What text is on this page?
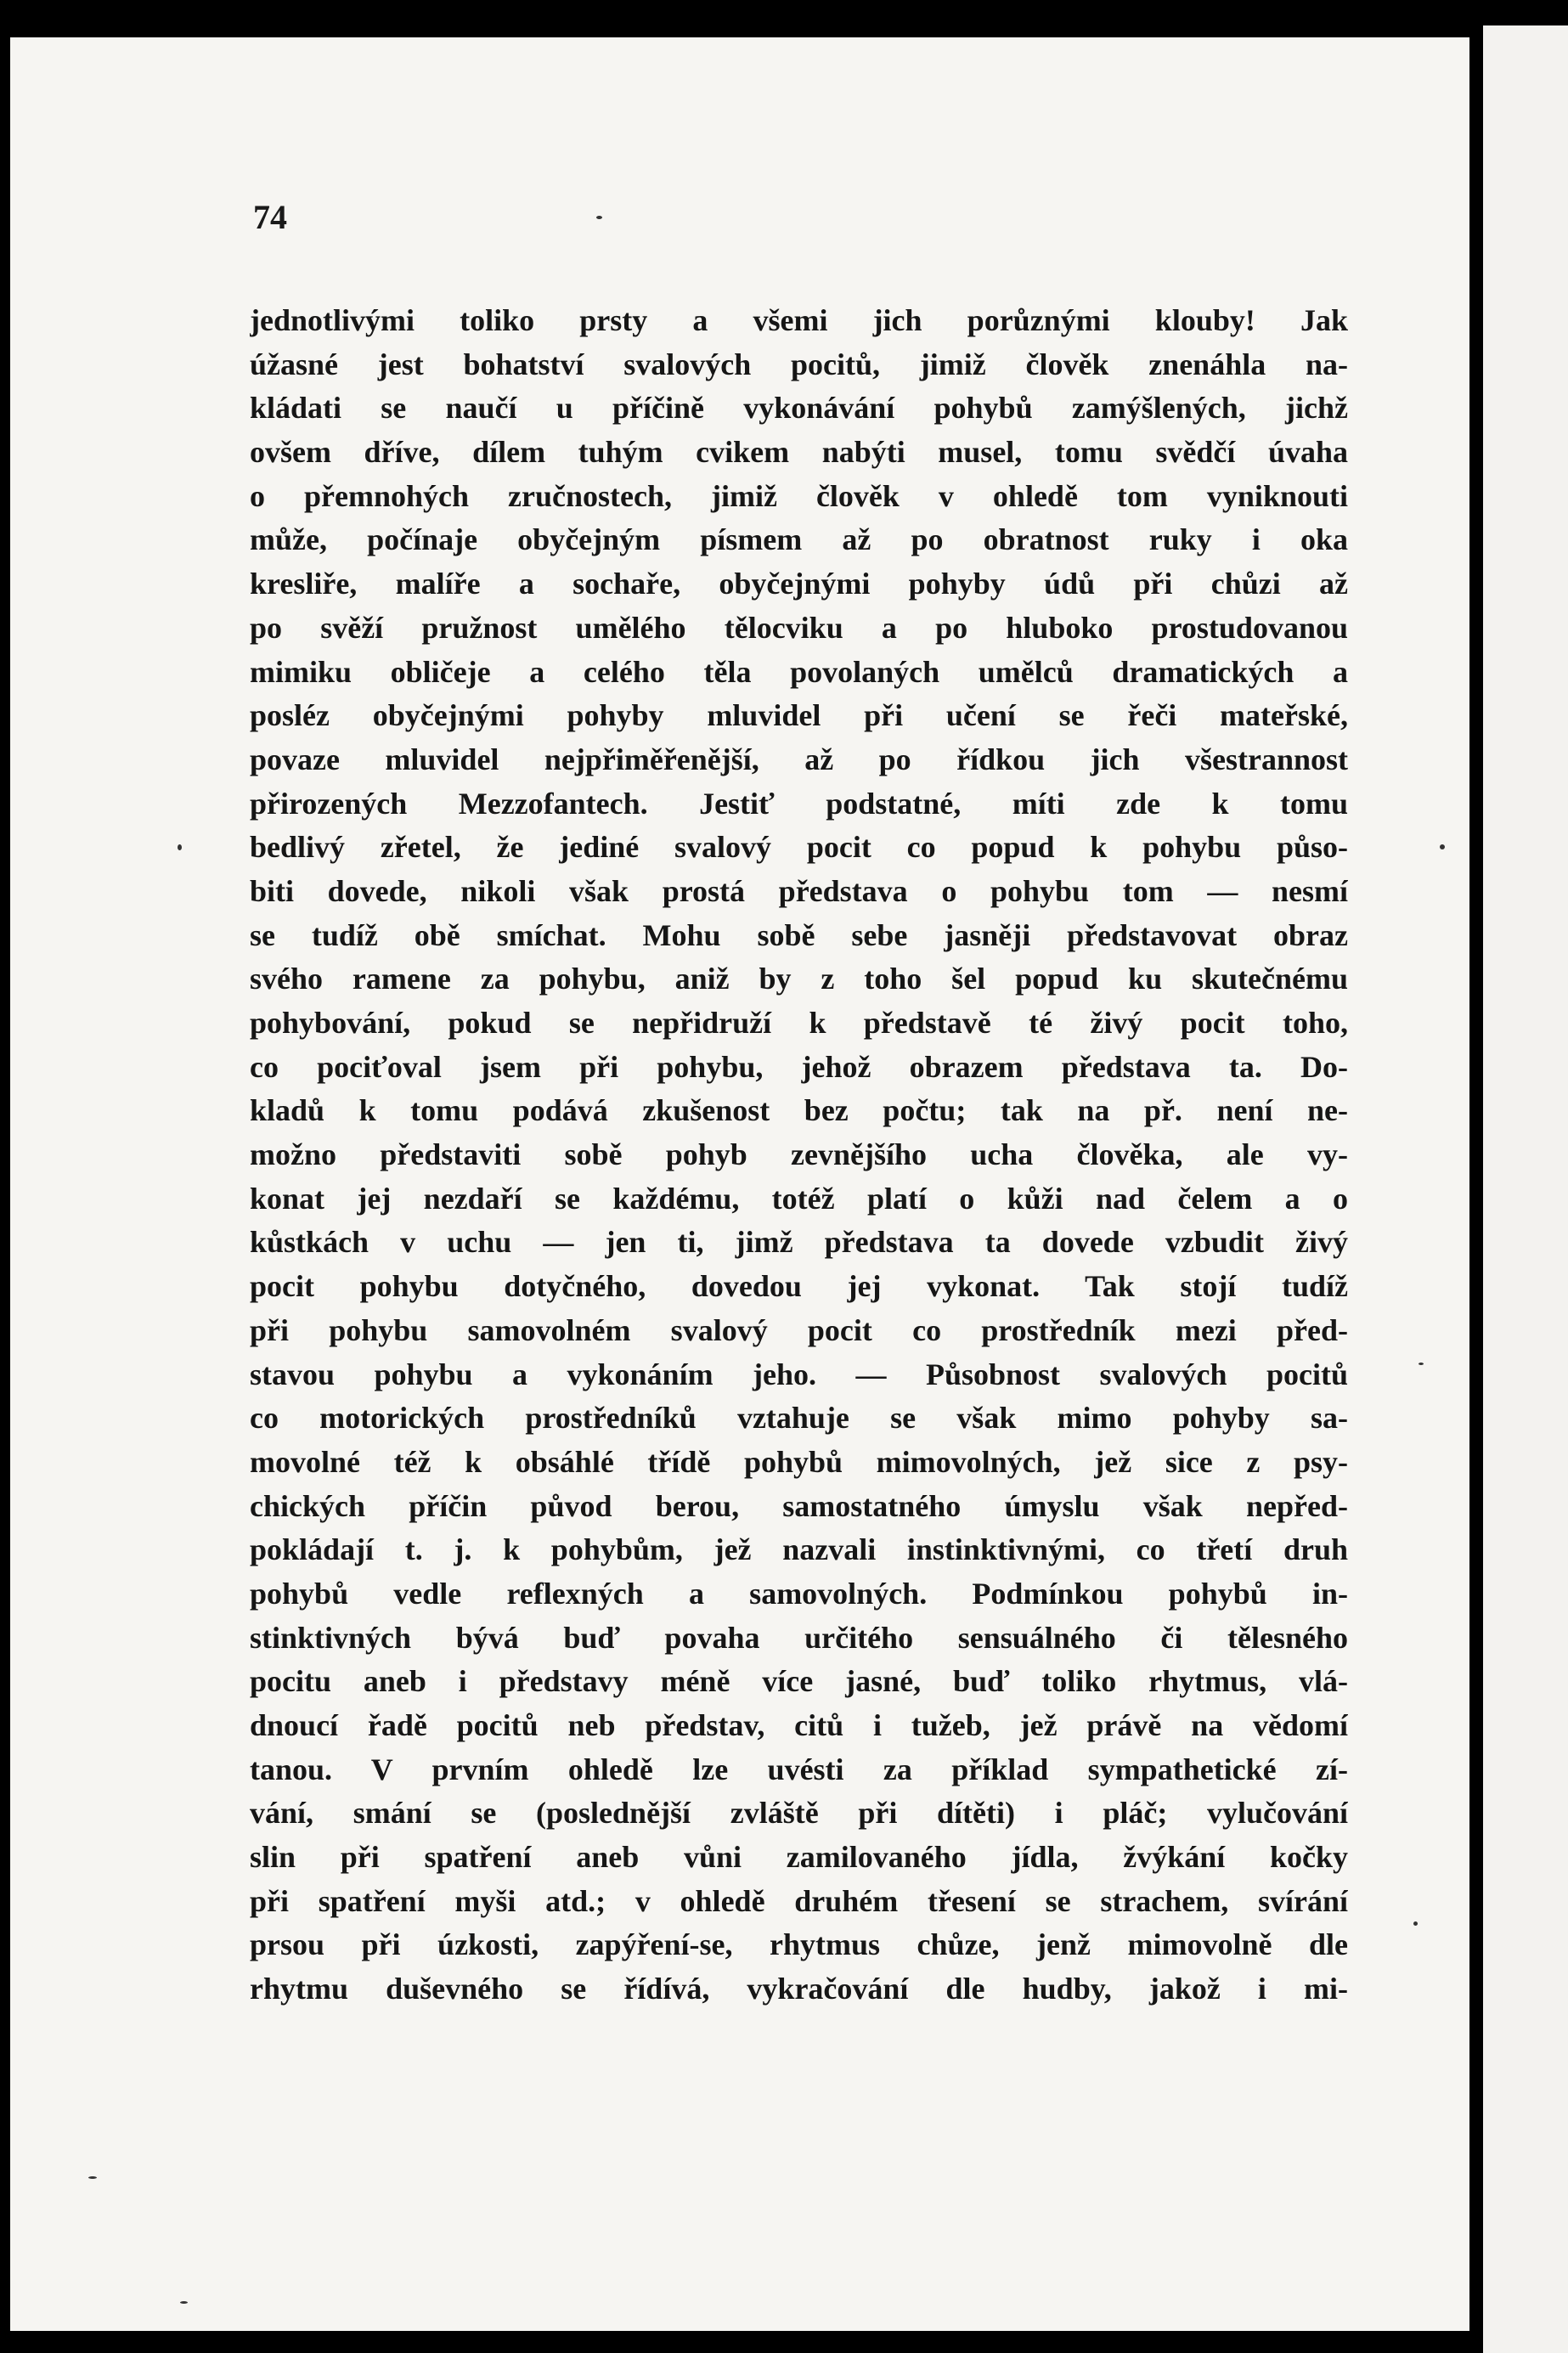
74
jednotlivými toliko prsty a všemi jich porůznými klouby! Jak
úžasné jest bohatství svalových pocitů, jimiž člověk znenáhla na-
kládati se naučí u příčině vykonávání pohybů zamýšlených, jichž
ovšem dříve, dílem tuhým cvikem nabýti musel, tomu svědčí úvaha
o přemnohých zručnostech, jimiž člověk v ohledě tom vyniknouti
může, počínaje obyčejným písmem až po obratnost ruky i oka
kresliře, malíře a sochaře, obyčejnými pohyby údů při chůzi až
po svěží pružnost umělého tělocviku a po hluboko prostudovanou
mimiku obličeje a celého těla povolaných umělců dramatických a
posléz obyčejnými pohyby mluvidel při učení se řeči mateřské,
povaze mluvidel nejpřiměřenější, až po řídkou jich všestrannost
přirozených Mezzofantech. Jestiť podstatné, míti zde k tomu
bedlivý zřetel, že jediné svalový pocit co popud k pohybu půso-
biti dovede, nikoli však prostá představa o pohybu tom — nesmí
se tudíž obě smíchat. Mohu sobě sebe jasněji představovat obraz
svého ramene za pohybu, aniž by z toho šel popud ku skutečnému
pohybování, pokud se nepřidruží k představě té živý pocit toho,
co pociťoval jsem při pohybu, jehož obrazem představa ta. Do-
kladů k tomu podává zkušenost bez počtu; tak na př. není ne-
možno představiti sobě pohyb zevnějšího ucha člověka, ale vy-
konat jej nezdaří se každému, totéž platí o kůži nad čelem a o
kůstkách v uchu — jen ti, jimž představa ta dovede vzbudit živý
pocit pohybu dotyčného, dovedou jej vykonat. Tak stojí tudíž
při pohybu samovolném svalový pocit co prostředník mezi před-
stavou pohybu a vykonáním jeho. — Působnost svalových pocitů
co motorických prostředníků vztahuje se však mimo pohyby sa-
movolné též k obsáhlé třídě pohybů mimovolných, jež sice z psy-
chických příčin původ berou, samostatného úmyslu však nepřed-
pokládají t. j. k pohybům, jež nazvali instinktivnými, co třetí druh
pohybů vedle reflexných a samovolných. Podmínkou pohybů in-
stinktivných bývá buď povaha určitého sensuálného či tělesného
pocitu aneb i představy méně více jasné, buď toliko rhytmus, vlá-
dnoucí řadě pocitů neb představ, citů i tužeb, jež právě na vědomí
tanou. V prvním ohledě lze uvésti za příklad sympathetické zí-
vání, smání se (poslednější zvláště při dítěti) i pláč; vylučování
slin při spatření aneb vůni zamilovaného jídla, žvýkání kočky
při spatření myši atd.; v ohledě druhém třesení se strachem, svírání
prsou při úzkosti, zapýření-se, rhytmus chůze, jenž mimovolně dle
rhytmu duševného se řídívá, vykračování dle hudby, jakož i mi-
